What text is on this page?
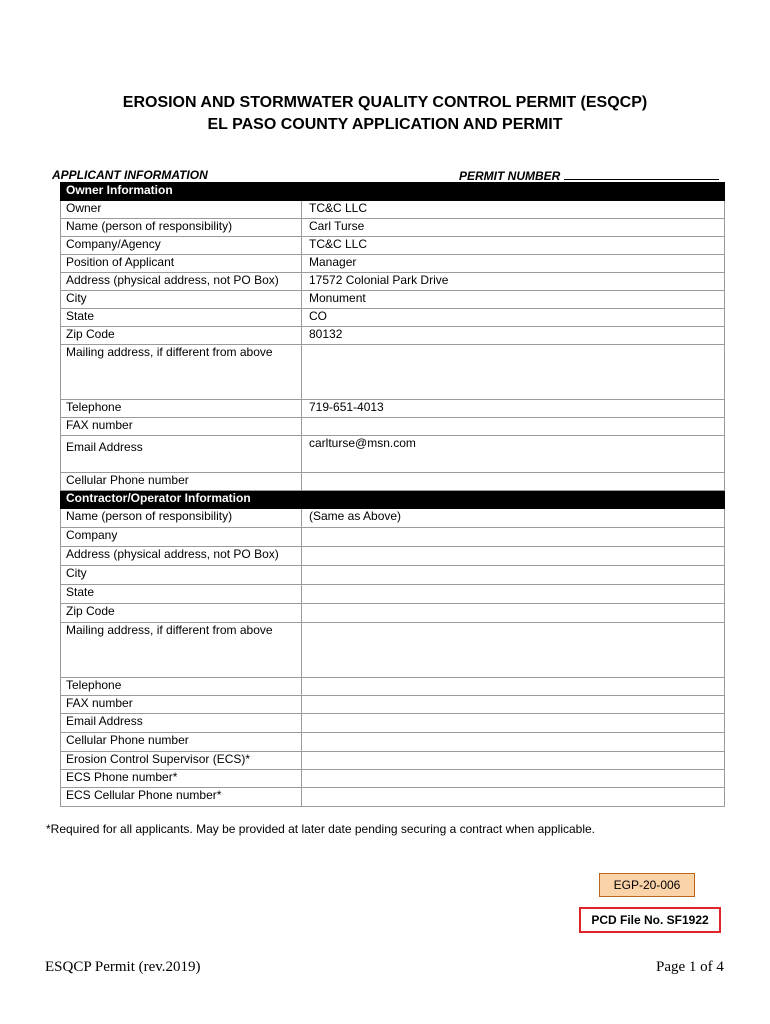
EROSION AND STORMWATER QUALITY CONTROL PERMIT (ESQCP)
EL PASO COUNTY APPLICATION AND PERMIT
APPLICANT INFORMATION	PERMIT NUMBER
Owner Information	
Owner	TC&C LLC
Name (person of responsibility)	Carl Turse
Company/Agency	TC&C LLC
Position of Applicant	Manager
Address (physical address, not PO Box)	17572 Colonial Park Drive
City	Monument
State	CO
Zip Code	80132
Mailing address, if different from above	
Telephone	719-651-4013
FAX number	
Email Address	carlturse@msn.com
Cellular Phone number	
Contractor/Operator Information	
Name (person of responsibility)	(Same as Above)
Company	
Address (physical address, not PO Box)	
City	
State	
Zip Code	
Mailing address, if different from above	
Telephone	
FAX number	
Email Address	
Cellular Phone number	
Erosion Control Supervisor (ECS)*	
ECS Phone number*	
ECS Cellular Phone number*	
*Required for all applicants. May be provided at later date pending securing a contract when applicable.
EGP-20-006
PCD File No. SF1922
ESQCP Permit (rev.2019)	Page 1 of 4
